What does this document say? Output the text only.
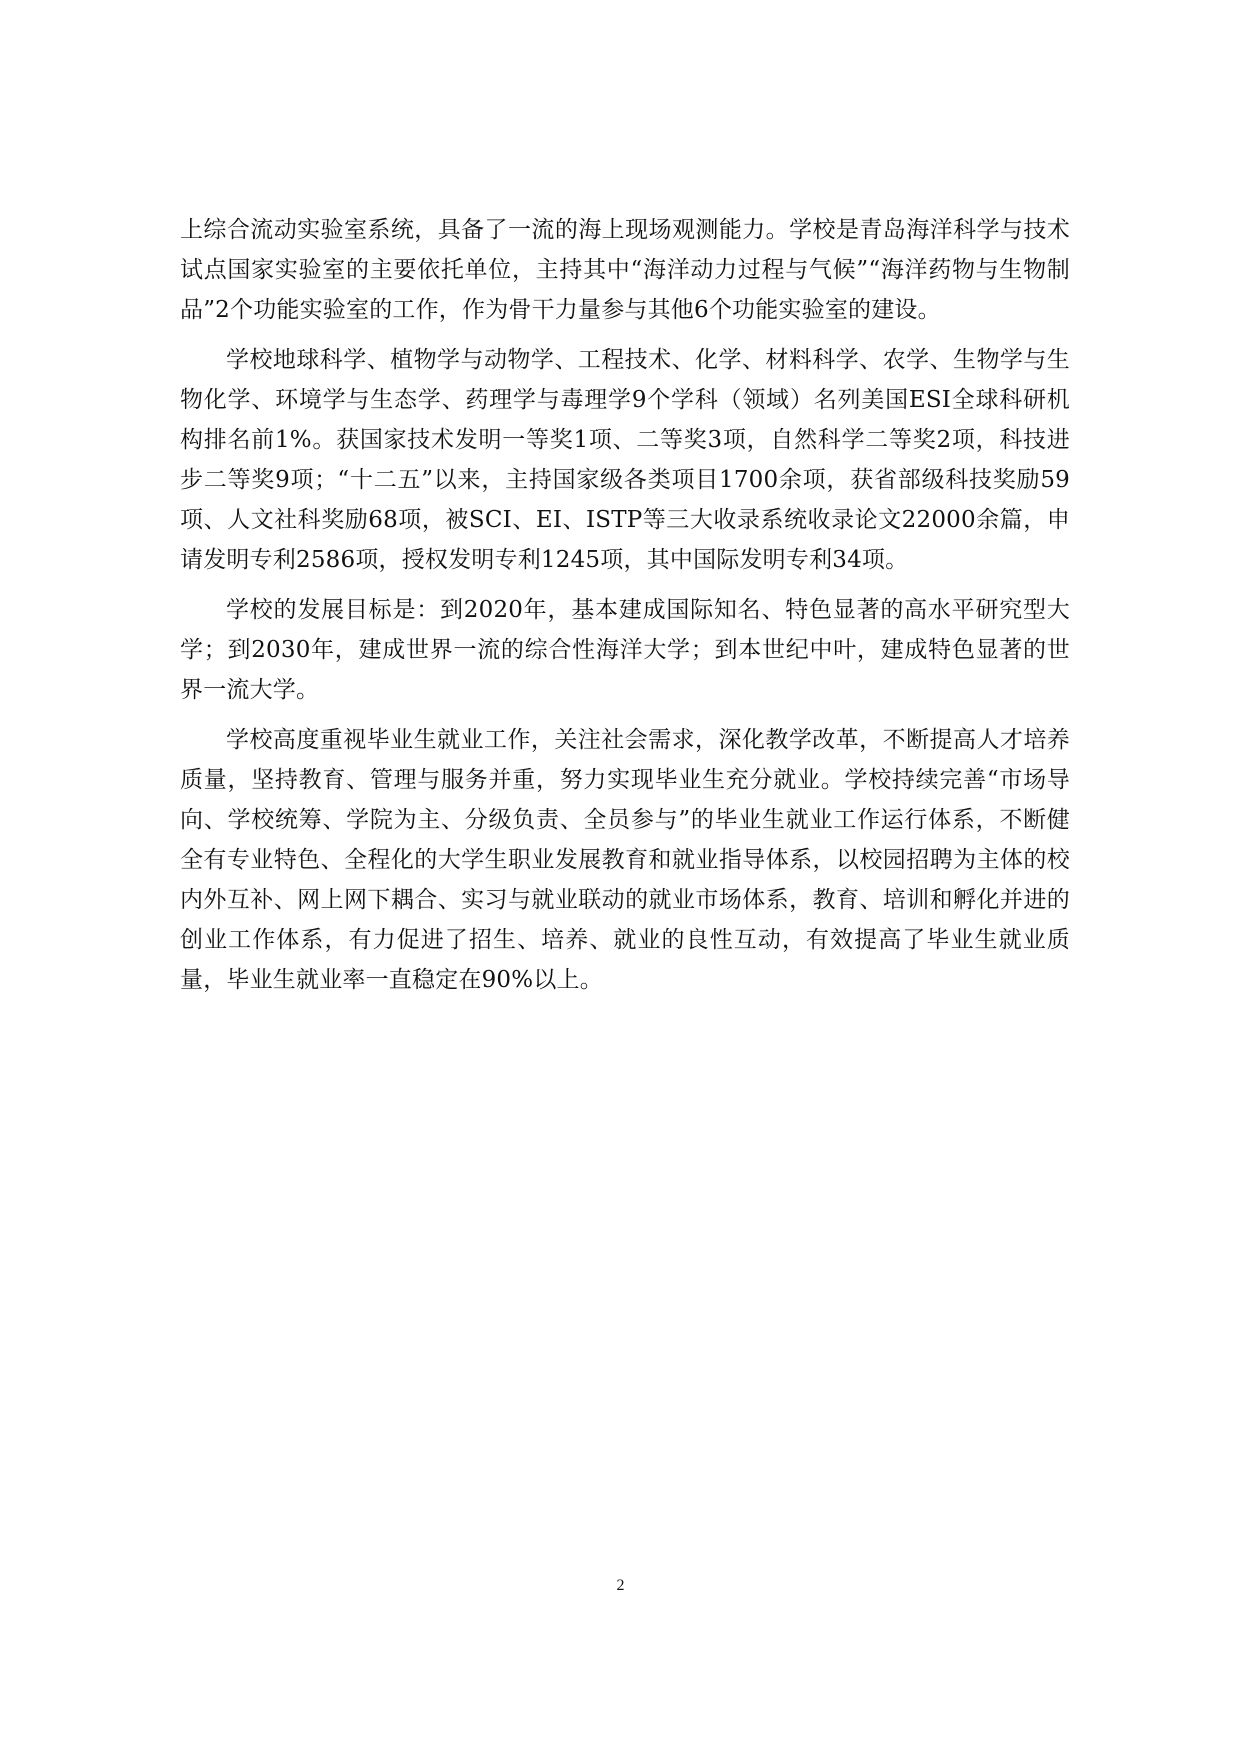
上综合流动实验室系统，具备了一流的海上现场观测能力。学校是青岛海洋科学与技术试点国家实验室的主要依托单位，主持其中“海洋动力过程与气候”“海洋药物与生物制品”2个功能实验室的工作，作为骨干力量参与其他6个功能实验室的建设。

学校地球科学、植物学与动物学、工程技术、化学、材料科学、农学、生物学与生物化学、环境学与生态学、药理学与毒理学9个学科（领域）名列美国ESI全球科研机构排名前1%。获国家技术发明一等奖1项、二等奖3项，自然科学二等奖2项，科技进步二等奖9项；“十二五”以来，主持国家级各类项目1700余项，获省部级科技奖励59项、人文社科奖励68项，被SCI、EI、ISTP等三大收录系统收录论文22000余篇，申请发明专利2586项，授权发明专利1245项，其中国际发明专利34项。

学校的发展目标是：到2020年，基本建成国际知名、特色显著的高水平研究型大学；到2030年，建成世界一流的综合性海洋大学；到本世纪中叶，建成特色显著的世界一流大学。

学校高度重视毕业生就业工作，关注社会需求，深化教学改革，不断提高人才培养质量，坚持教育、管理与服务并重，努力实现毕业生充分就业。学校持续完善“市场导向、学校统筹、学院为主、分级负责、全员参与”的毕业生就业工作运行体系，不断健全有专业特色、全程化的大学生职业发展教育和就业指导体系，以校园招聘为主体的校内外互补、网上网下耦合、实习与就业联动的就业市场体系，教育、培训和孵化并进的创业工作体系，有力促进了招生、培养、就业的良性互动，有效提高了毕业生就业质量，毕业生就业率一直稳定在90%以上。

2
